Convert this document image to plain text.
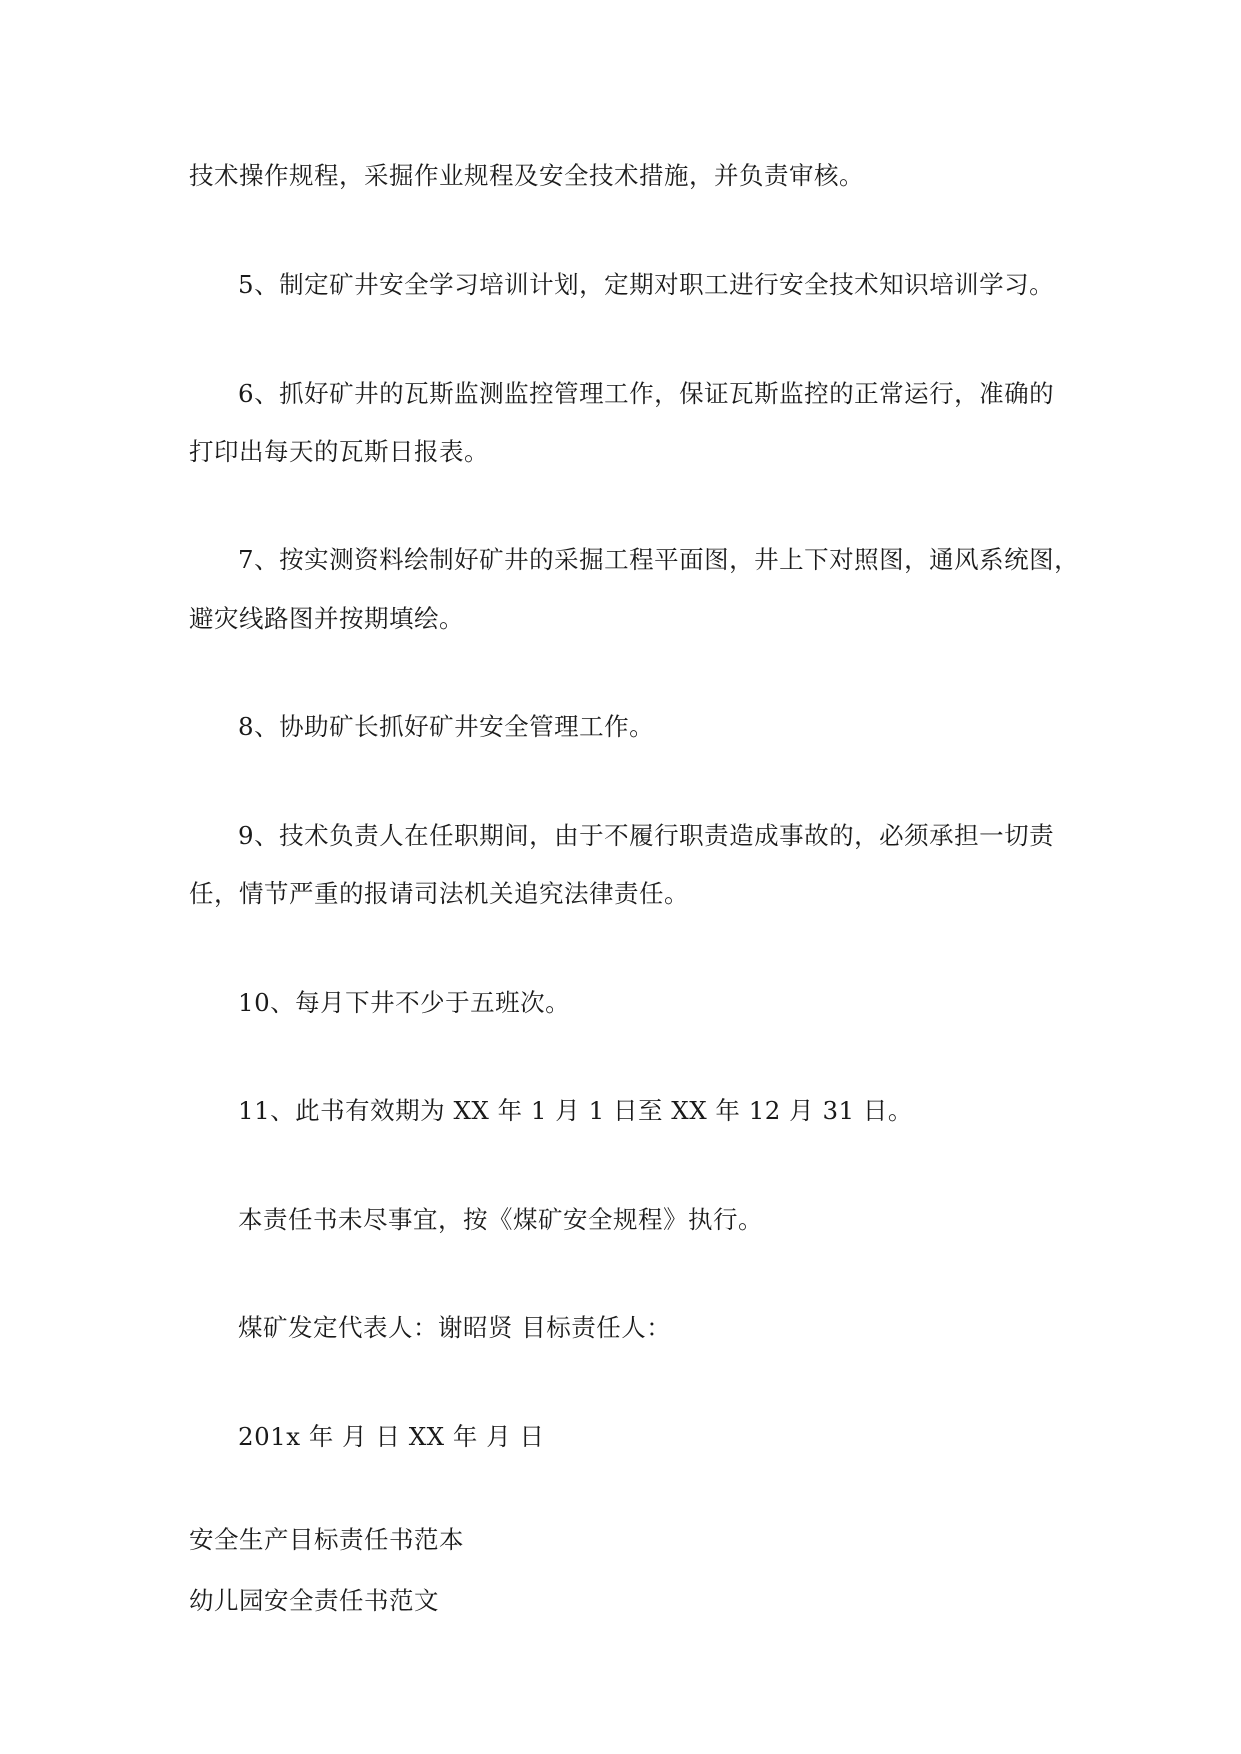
技术操作规程，采掘作业规程及安全技术措施，并负责审核。
5、制定矿井安全学习培训计划，定期对职工进行安全技术知识培训学习。
6、抓好矿井的瓦斯监测监控管理工作，保证瓦斯监控的正常运行，准确的
打印出每天的瓦斯日报表。
7、按实测资料绘制好矿井的采掘工程平面图，井上下对照图，通风系统图，
避灾线路图并按期填绘。
8、协助矿长抓好矿井安全管理工作。
9、技术负责人在任职期间，由于不履行职责造成事故的，必须承担一切责
任，情节严重的报请司法机关追究法律责任。
10、每月下井不少于五班次。
11、此书有效期为 XX 年 1 月 1 日至 XX 年 12 月 31 日。
本责任书未尽事宜，按《煤矿安全规程》执行。
煤矿发定代表人：谢昭贤 目标责任人：
201x 年 月 日 XX 年 月 日
安全生产目标责任书范本
幼儿园安全责任书范文
